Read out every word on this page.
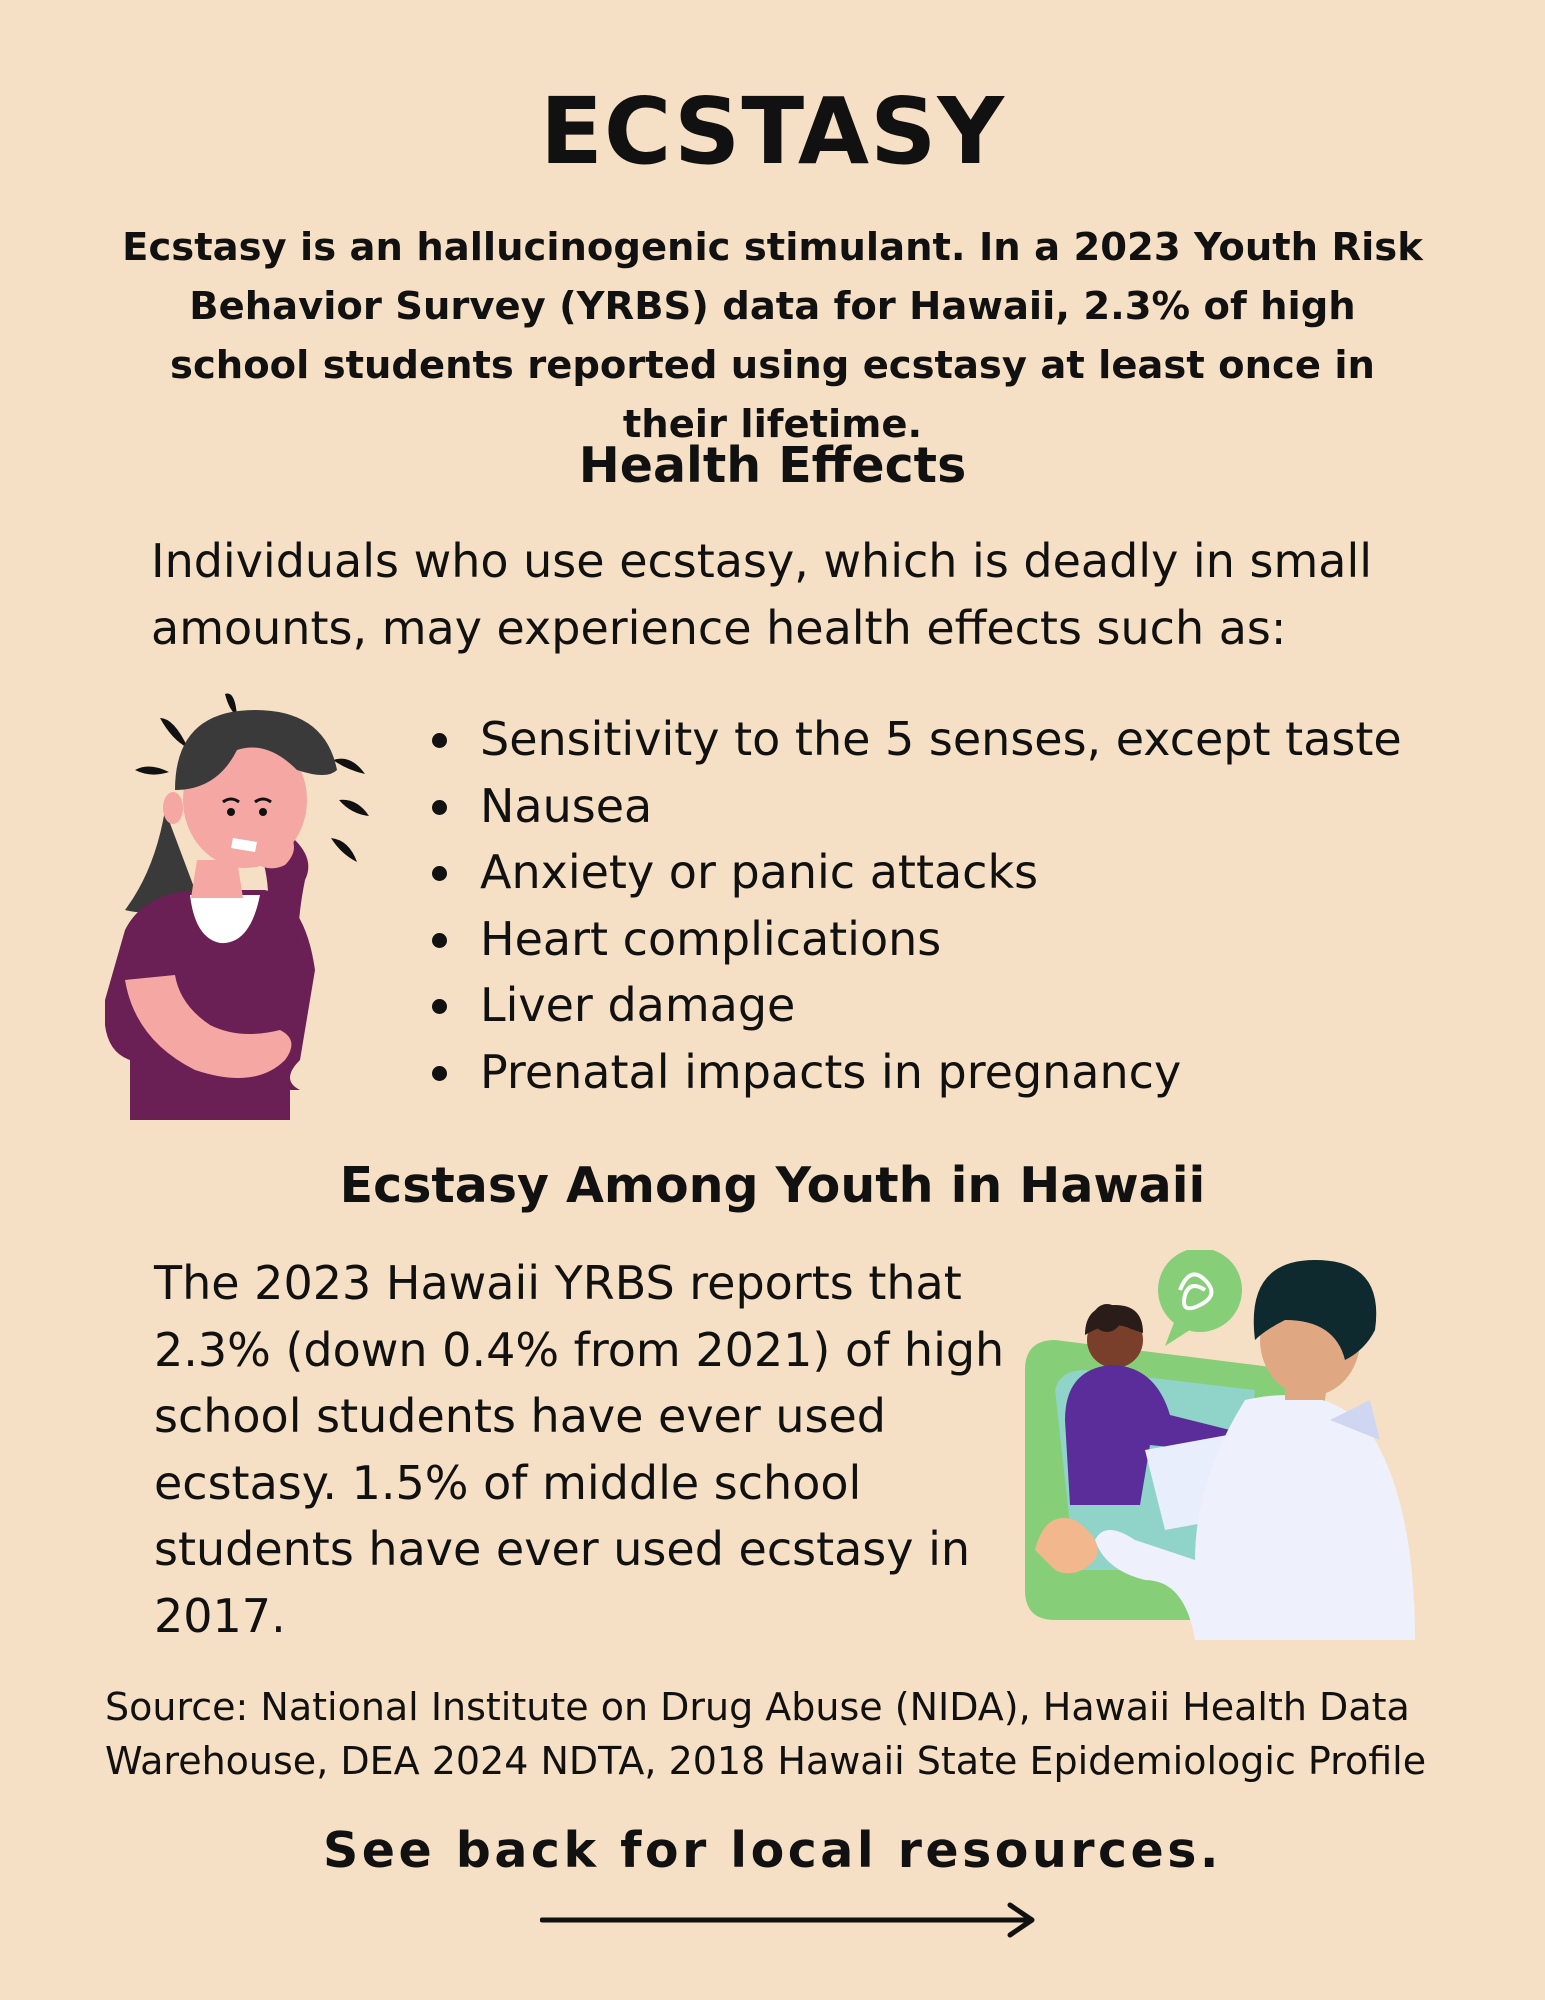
ECSTASY
Ecstasy is an hallucinogenic stimulant. In a 2023 Youth Risk Behavior Survey (YRBS) data for Hawaii, 2.3% of high school students reported using ecstasy at least once in their lifetime.
Health Effects
Individuals who use ecstasy, which is deadly in small amounts, may experience health effects such as:
Sensitivity to the 5 senses, except taste
Nausea
Anxiety or panic attacks
Heart complications
Liver damage
Prenatal impacts in pregnancy
Ecstasy Among Youth in Hawaii
The 2023 Hawaii YRBS reports that 2.3% (down 0.4% from 2021) of high school students have ever used ecstasy. 1.5% of middle school students have ever used ecstasy in 2017.
Source: National Institute on Drug Abuse (NIDA), Hawaii Health Data Warehouse, DEA 2024 NDTA, 2018 Hawaii State Epidemiologic Profile
See back for local resources.
